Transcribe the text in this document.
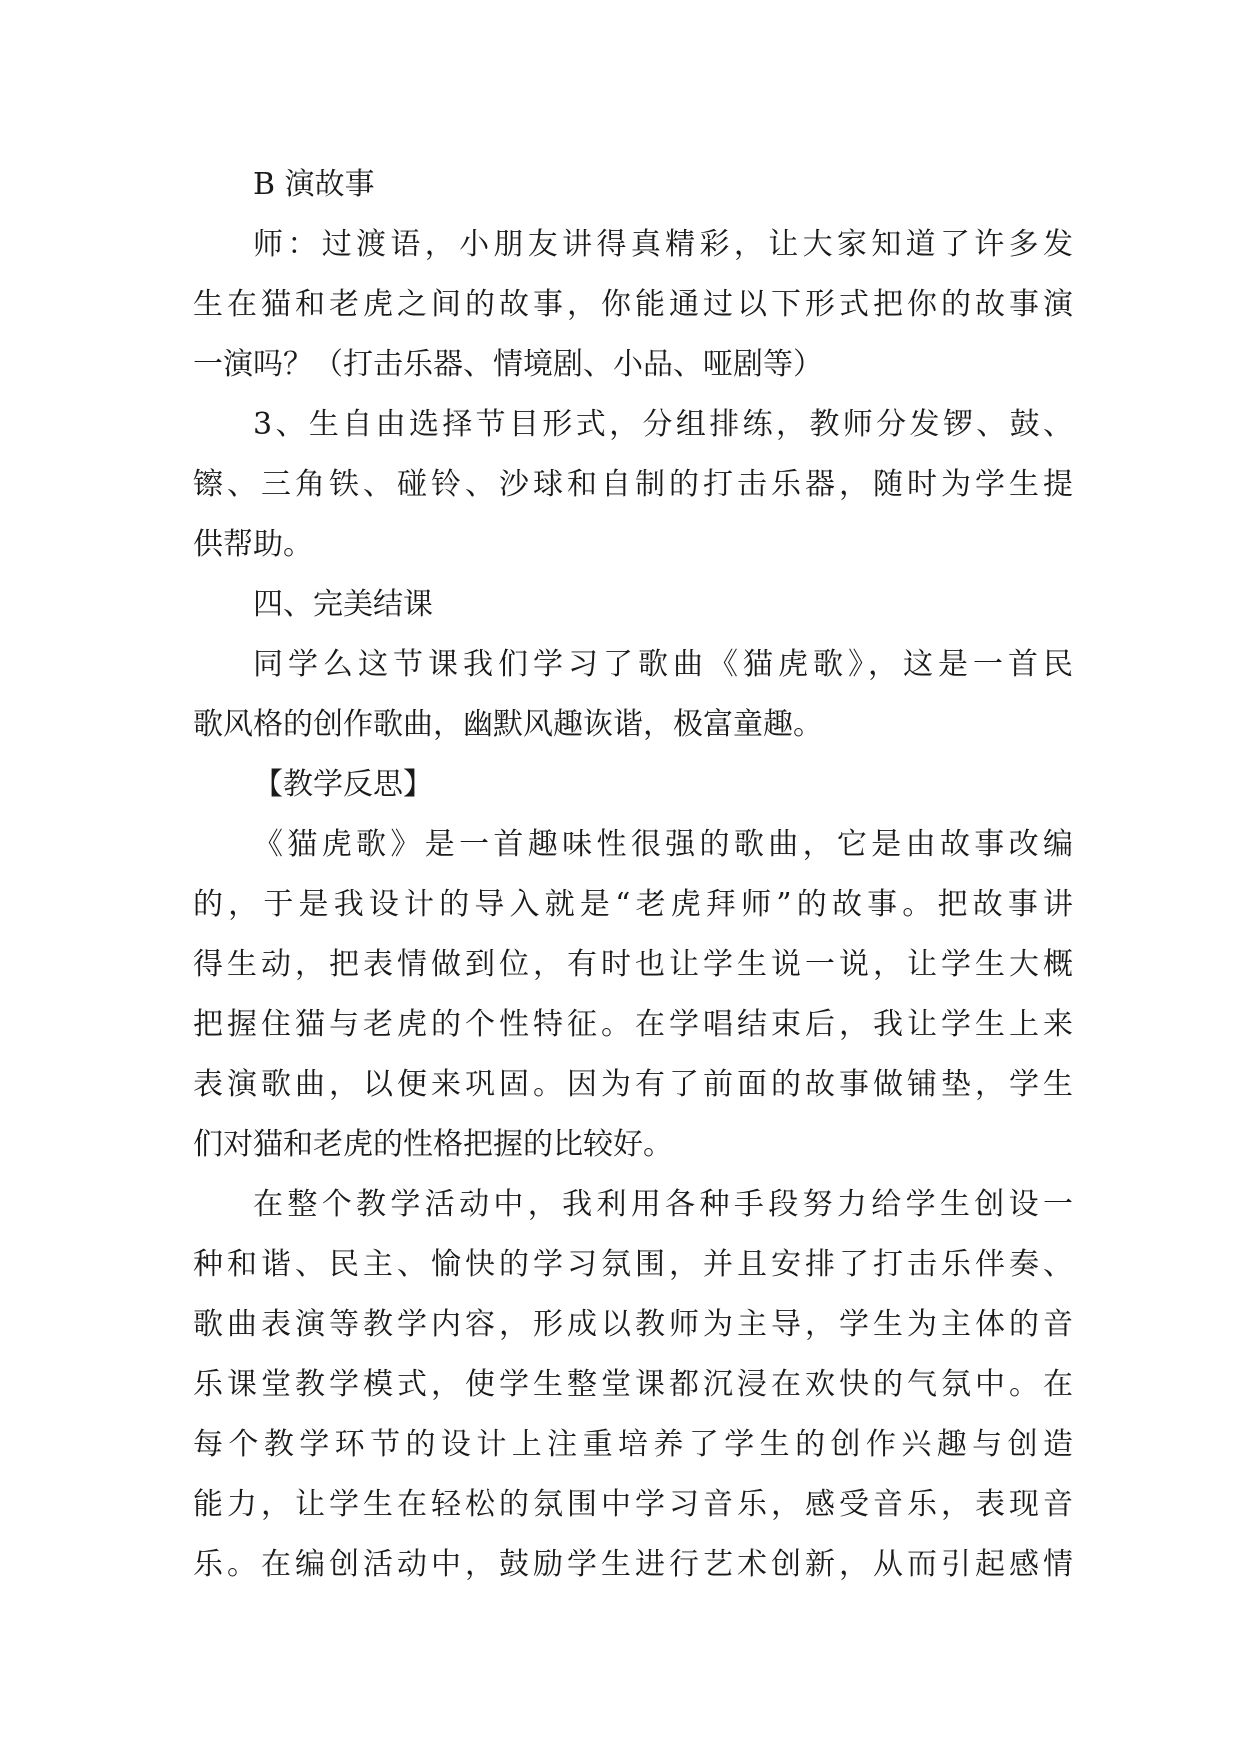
B 演故事
师：过渡语，小朋友讲得真精彩，让大家知道了许多发
生在猫和老虎之间的故事，你能通过以下形式把你的故事演
一演吗？（打击乐器、情境剧、小品、哑剧等）
3、生自由选择节目形式，分组排练，教师分发锣、鼓、
镲、三角铁、碰铃、沙球和自制的打击乐器，随时为学生提
供帮助。
四、完美结课
同学么这节课我们学习了歌曲《猫虎歌》，这是一首民
歌风格的创作歌曲，幽默风趣诙谐，极富童趣。
【教学反思】
《猫虎歌》是一首趣味性很强的歌曲，它是由故事改编
的，于是我设计的导入就是“老虎拜师”的故事。把故事讲
得生动，把表情做到位，有时也让学生说一说，让学生大概
把握住猫与老虎的个性特征。在学唱结束后，我让学生上来
表演歌曲，以便来巩固。因为有了前面的故事做铺垫，学生
们对猫和老虎的性格把握的比较好。
在整个教学活动中，我利用各种手段努力给学生创设一
种和谐、民主、愉快的学习氛围，并且安排了打击乐伴奏、
歌曲表演等教学内容，形成以教师为主导，学生为主体的音
乐课堂教学模式，使学生整堂课都沉浸在欢快的气氛中。在
每个教学环节的设计上注重培养了学生的创作兴趣与创造
能力，让学生在轻松的氛围中学习音乐，感受音乐，表现音
乐。在编创活动中，鼓励学生进行艺术创新，从而引起感情
